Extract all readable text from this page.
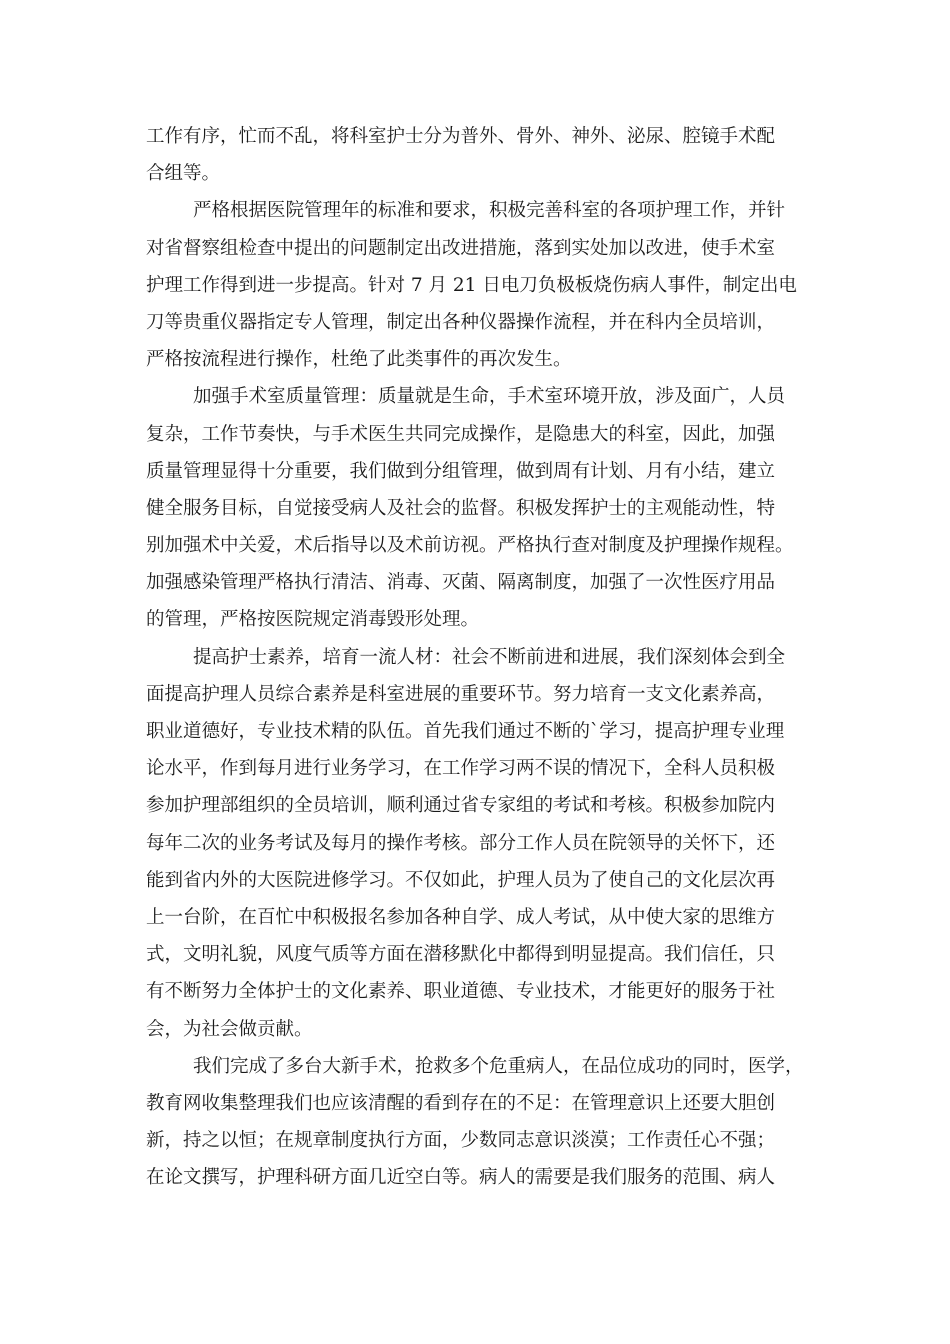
工作有序，忙而不乱，将科室护士分为普外、骨外、神外、泌尿、腔镜手术配
合组等。
严格根据医院管理年的标准和要求，积极完善科室的各项护理工作，并针
对省督察组检查中提出的问题制定出改进措施，落到实处加以改进，使手术室
护理工作得到进一步提高。针对 7 月 21 日电刀负极板烧伤病人事件，制定出电
刀等贵重仪器指定专人管理，制定出各种仪器操作流程，并在科内全员培训，
严格按流程进行操作，杜绝了此类事件的再次发生。
加强手术室质量管理：质量就是生命，手术室环境开放，涉及面广，人员
复杂，工作节奏快，与手术医生共同完成操作，是隐患大的科室，因此，加强
质量管理显得十分重要，我们做到分组管理，做到周有计划、月有小结，建立
健全服务目标，自觉接受病人及社会的监督。积极发挥护士的主观能动性，特
别加强术中关爱，术后指导以及术前访视。严格执行查对制度及护理操作规程。
加强感染管理严格执行清洁、消毒、灭菌、隔离制度，加强了一次性医疗用品
的管理，严格按医院规定消毒毁形处理。
提高护士素养，培育一流人材：社会不断前进和进展，我们深刻体会到全
面提高护理人员综合素养是科室进展的重要环节。努力培育一支文化素养高，
职业道德好，专业技术精的队伍。首先我们通过不断的`学习，提高护理专业理
论水平，作到每月进行业务学习，在工作学习两不误的情况下，全科人员积极
参加护理部组织的全员培训，顺利通过省专家组的考试和考核。积极参加院内
每年二次的业务考试及每月的操作考核。部分工作人员在院领导的关怀下，还
能到省内外的大医院进修学习。不仅如此，护理人员为了使自己的文化层次再
上一台阶，在百忙中积极报名参加各种自学、成人考试，从中使大家的思维方
式，文明礼貌，风度气质等方面在潜移默化中都得到明显提高。我们信任，只
有不断努力全体护士的文化素养、职业道德、专业技术，才能更好的服务于社
会，为社会做贡献。
我们完成了多台大新手术，抢救多个危重病人，在品位成功的同时，医学，
教育网收集整理我们也应该清醒的看到存在的不足：在管理意识上还要大胆创
新，持之以恒；在规章制度执行方面，少数同志意识淡漠；工作责任心不强；
在论文撰写，护理科研方面几近空白等。病人的需要是我们服务的范围、病人
